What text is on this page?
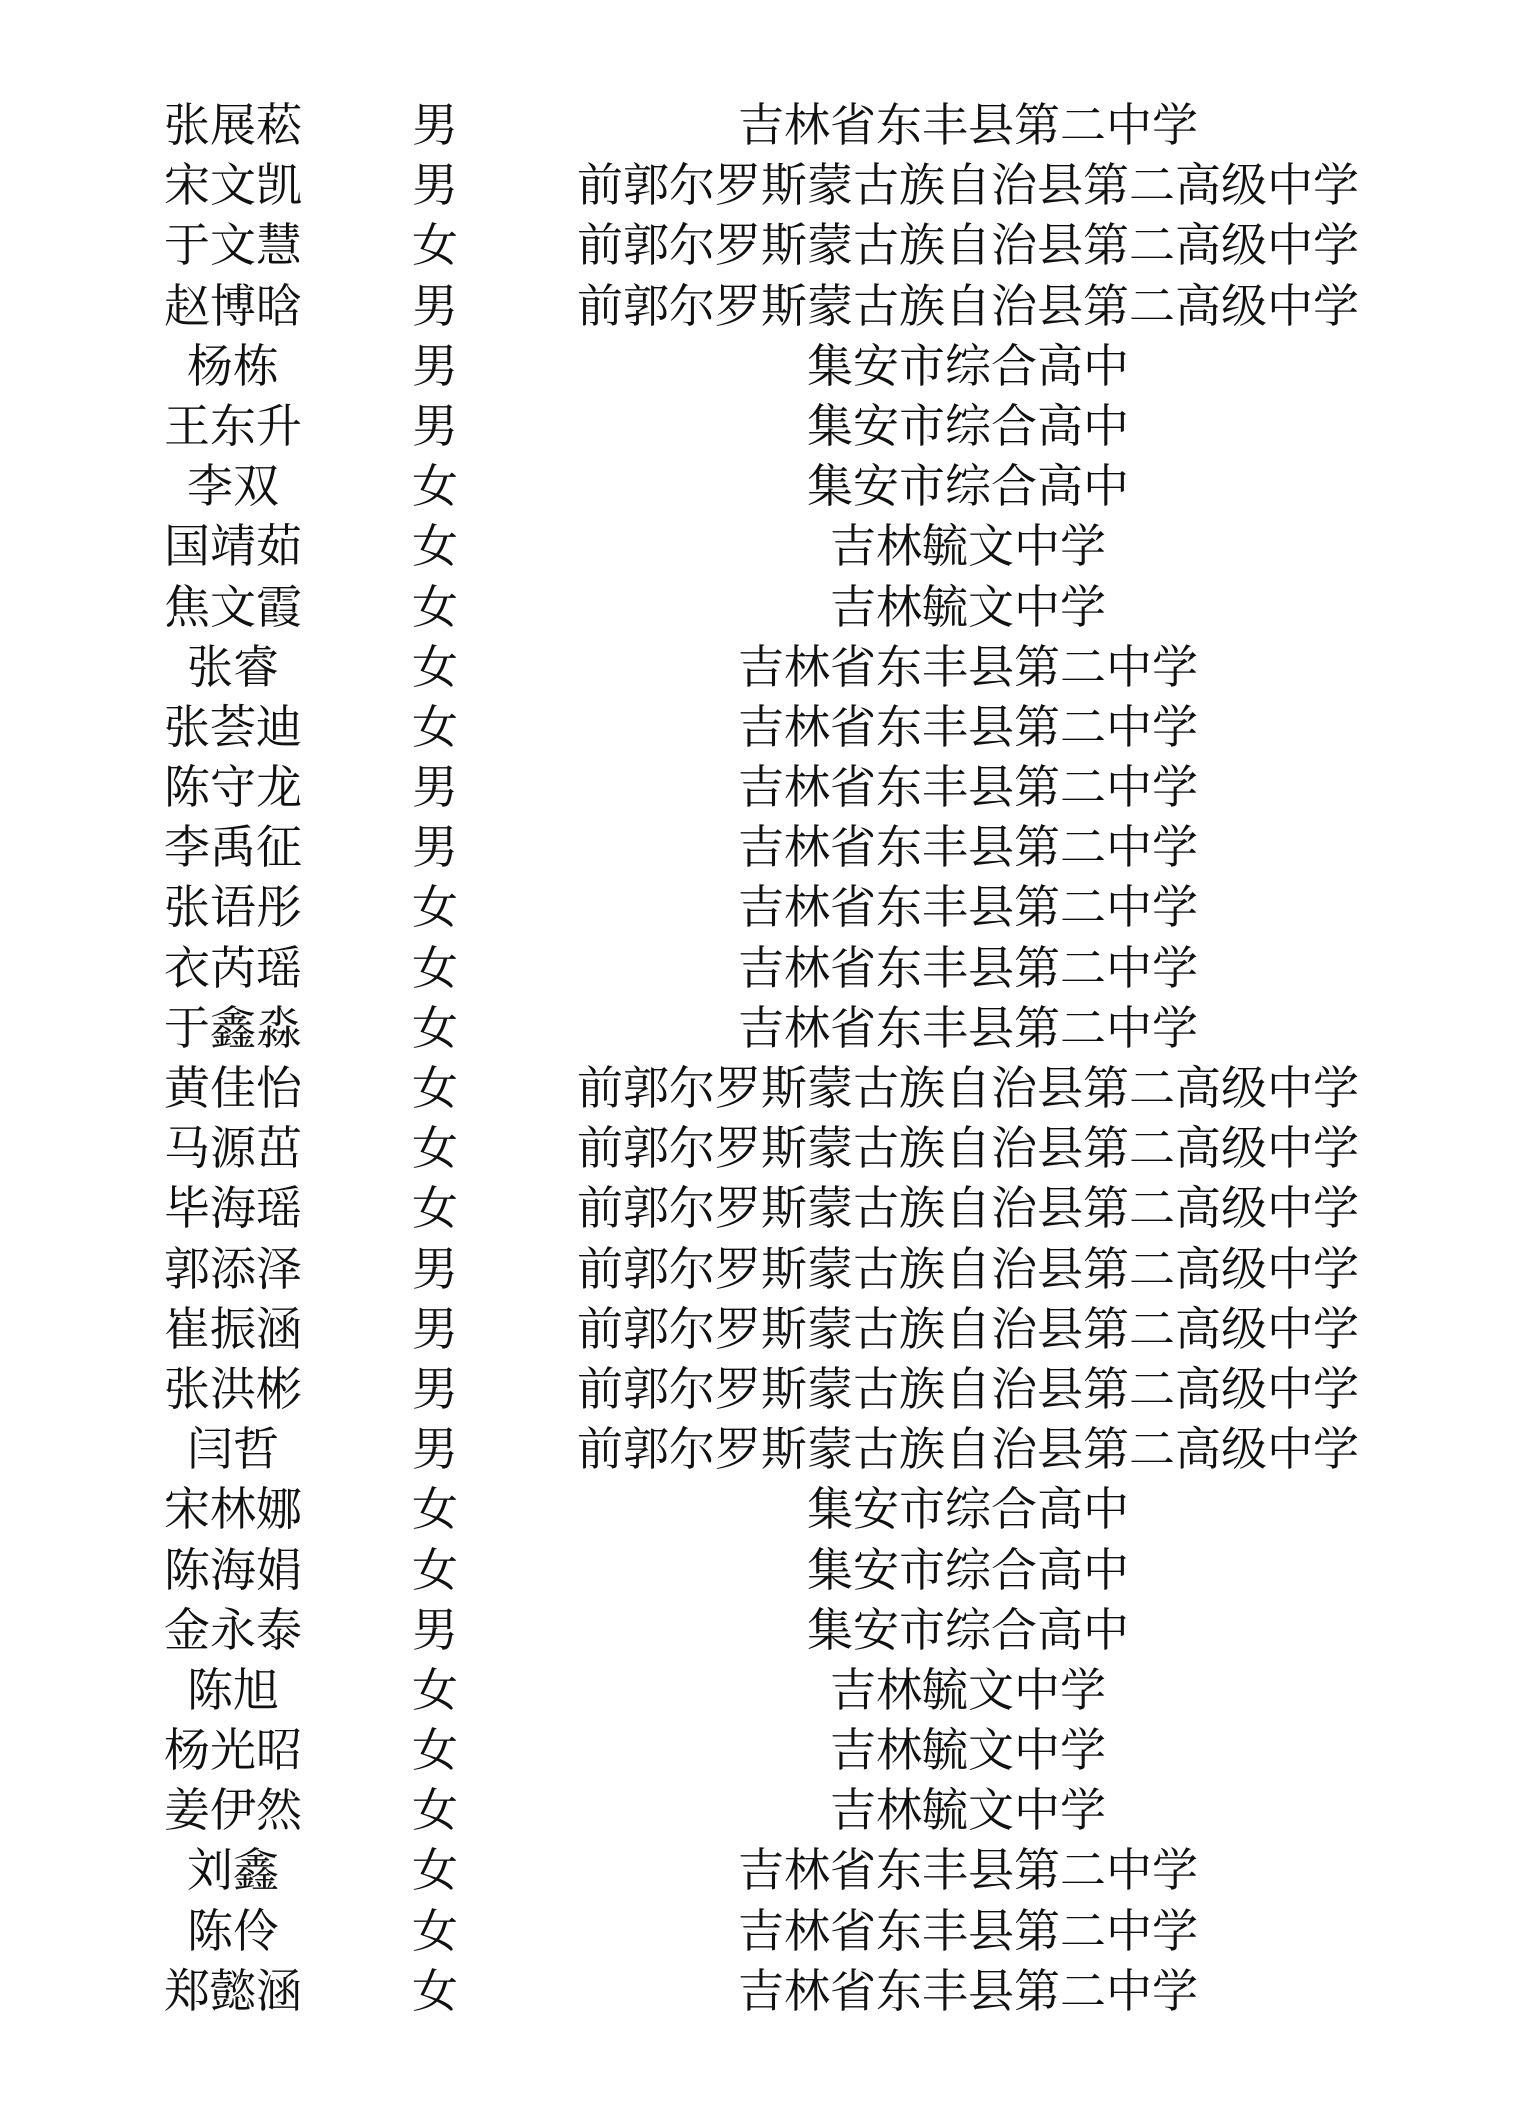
张展菘	男	吉林省东丰县第二中学
宋文凯	男	前郭尔罗斯蒙古族自治县第二高级中学
于文慧	女	前郭尔罗斯蒙古族自治县第二高级中学
赵博晗	男	前郭尔罗斯蒙古族自治县第二高级中学
杨栋	男	集安市综合高中
王东升	男	集安市综合高中
李双	女	集安市综合高中
国靖茹	女	吉林毓文中学
焦文霞	女	吉林毓文中学
张睿	女	吉林省东丰县第二中学
张荟迪	女	吉林省东丰县第二中学
陈守龙	男	吉林省东丰县第二中学
李禹征	男	吉林省东丰县第二中学
张语彤	女	吉林省东丰县第二中学
衣芮瑶	女	吉林省东丰县第二中学
于鑫淼	女	吉林省东丰县第二中学
黄佳怡	女	前郭尔罗斯蒙古族自治县第二高级中学
马源茁	女	前郭尔罗斯蒙古族自治县第二高级中学
毕海瑶	女	前郭尔罗斯蒙古族自治县第二高级中学
郭添泽	男	前郭尔罗斯蒙古族自治县第二高级中学
崔振涵	男	前郭尔罗斯蒙古族自治县第二高级中学
张洪彬	男	前郭尔罗斯蒙古族自治县第二高级中学
闫哲	男	前郭尔罗斯蒙古族自治县第二高级中学
宋林娜	女	集安市综合高中
陈海娟	女	集安市综合高中
金永泰	男	集安市综合高中
陈旭	女	吉林毓文中学
杨光昭	女	吉林毓文中学
姜伊然	女	吉林毓文中学
刘鑫	女	吉林省东丰县第二中学
陈伶	女	吉林省东丰县第二中学
郑懿涵	女	吉林省东丰县第二中学
